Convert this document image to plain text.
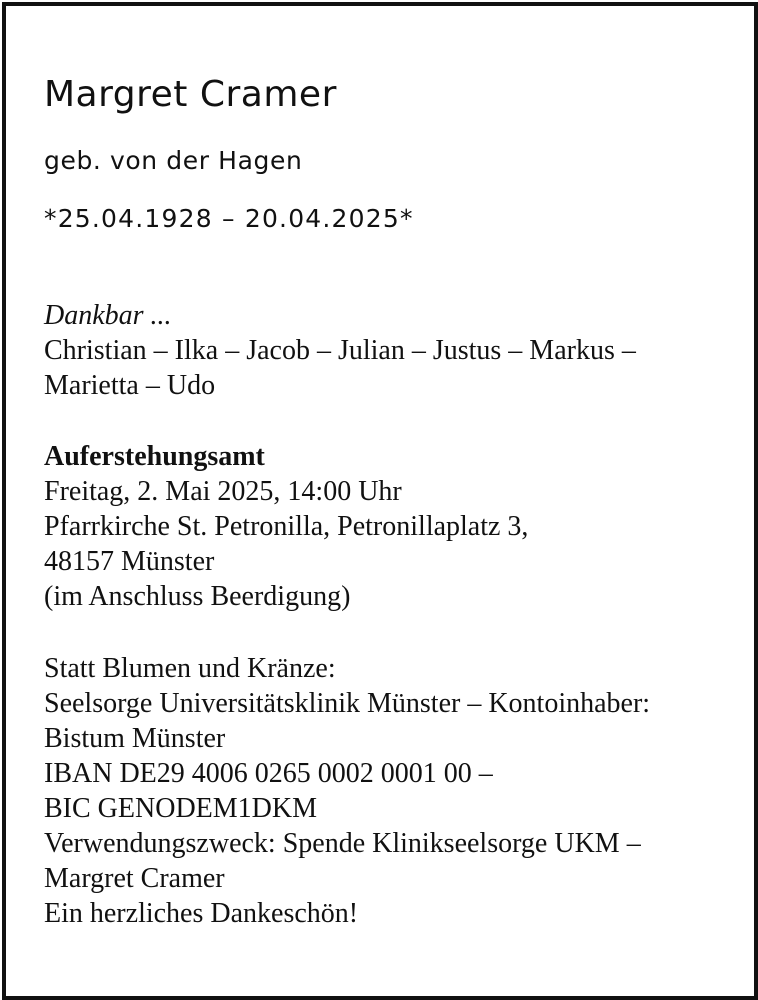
Margret Cramer

geb. von der Hagen

*25.04.1928 – 20.04.2025*

Dankbar ...
Christian – Ilka – Jacob – Julian – Justus – Markus –
Marietta – Udo
Auferstehungsamt
Freitag, 2. Mai 2025, 14:00 Uhr
Pfarrkirche St. Petronilla, Petronillaplatz 3,
48157 Münster
(im Anschluss Beerdigung)
Statt Blumen und Kränze:
Seelsorge Universitätsklinik Münster – Kontoinhaber:
Bistum Münster
IBAN DE29 4006 0265 0002 0001 00 –
BIC GENODEM1DKM
Verwendungszweck: Spende Klinikseelsorge UKM –
Margret Cramer
Ein herzliches Dankeschön!
